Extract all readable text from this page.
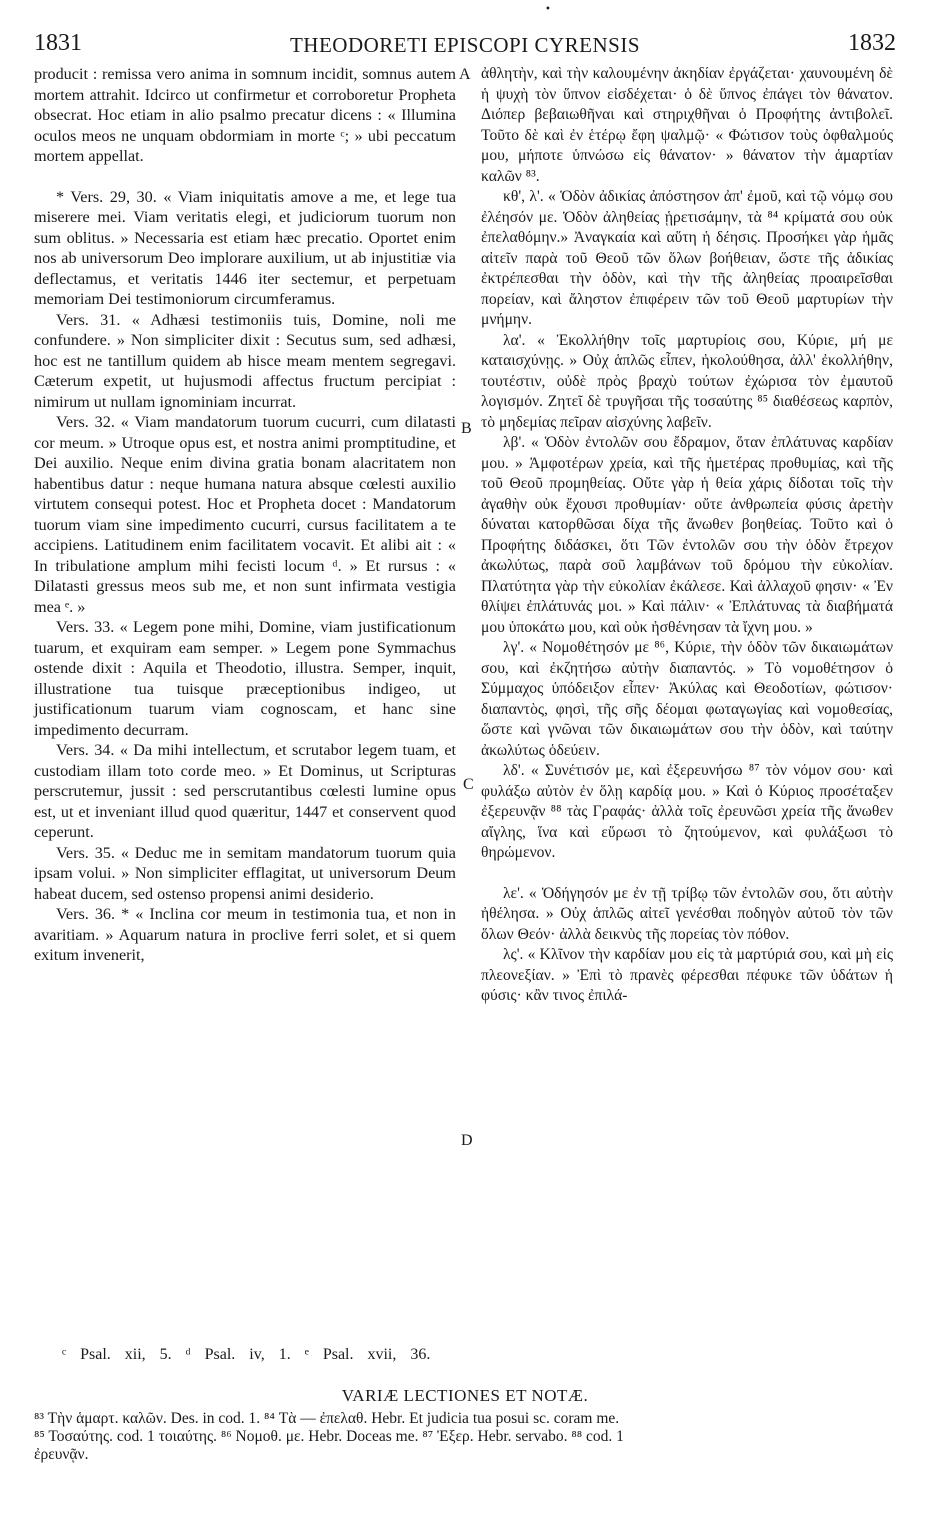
•
1831	THEODORETI EPISCOPI CYRENSIS	1832

producit : remissa vero anima in somnum incidit, somnus autem mortem attrahit. Idcirco ut confirmetur et corroboretur Propheta obsecrat. Hoc etiam in alio psalmo precatur dicens : « Illumina oculos meos ne unquam obdormiam in morte ᶜ; » ubi peccatum mortem appellat.

* Vers. 29, 30. « Viam iniquitatis amove a me, et lege tua miserere mei. Viam veritatis elegi, et judiciorum tuorum non sum oblitus. » Necessaria est etiam hæc precatio. Oportet enim nos ab universorum Deo implorare auxilium, ut ab injustitiæ via deflectamus, et veritatis 1446 iter sectemur, et perpetuam memoriam Dei testimoniorum circumferamus.

Vers. 31. « Adhæsi testimoniis tuis, Domine, noli me confundere. » Non simpliciter dixit : Secutus sum, sed adhæsi, hoc est ne tantillum quidem ab hisce meam mentem segregavi. Cæterum expetit, ut hujusmodi affectus fructum percipiat : nimirum ut nullam ignominiam incurrat.

Vers. 32. « Viam mandatorum tuorum cucurri, cum dilatasti cor meum. » Utroque opus est, et nostra animi promptitudine, et Dei auxilio. Neque enim divina gratia bonam alacritatem non habentibus datur : neque humana natura absque cœlesti auxilio virtutem consequi potest. Hoc et Propheta docet : Mandatorum tuorum viam sine impedimento cucurri, cursus facilitatem a te accipiens. Latitudinem enim facilitatem vocavit. Et alibi ait : « In tribulatione amplum mihi fecisti locum ᵈ. » Et rursus : « Dilatasti gressus meos sub me, et non sunt infirmata vestigia mea ᵉ. »

Vers. 33. « Legem pone mihi, Domine, viam justificationum tuarum, et exquiram eam semper. » Legem pone Symmachus ostende dixit : Aquila et Theodotio, illustra. Semper, inquit, illustratione tua tuisque præceptionibus indigeo, ut justificationum tuarum viam cognoscam, et hanc sine impedimento decurram.

Vers. 34. « Da mihi intellectum, et scrutabor legem tuam, et custodiam illam toto corde meo. » Et Dominus, ut Scripturas perscrutemur, jussit : sed perscrutantibus cœlesti lumine opus est, ut et inveniant illud quod quæritur, 1447 et conservent quod ceperunt.

Vers. 35. « Deduc me in semitam mandatorum tuorum quia ipsam volui. » Non simpliciter efflagitat, ut universorum Deum habeat ducem, sed ostenso propensi animi desiderio.

Vers. 36. * « Inclina cor meum in testimonia tua, et non in avaritiam. » Aquarum natura in proclive ferri solet, et si quem exitum invenerit,

ἀθλητὴν, καὶ τὴν καλουμένην ἀκηδίαν ἐργάζεται· χαυνουμένη δὲ ἡ ψυχὴ τὸν ὕπνον εἰσδέχεται· ὁ δὲ ὕπνος ἐπάγει τὸν θάνατον. Διόπερ βεβαιωθῆναι καὶ στηριχθῆναι ὁ Προφήτης ἀντιβολεῖ. Τοῦτο δὲ καὶ ἐν ἑτέρῳ ἔφη ψαλμῷ· « Φώτισον τοὺς ὀφθαλμούς μου, μήποτε ὑπνώσω εἰς θάνατον· » θάνατον τὴν ἁμαρτίαν καλῶν ⁸³.

κθ', λ'. « Ὁδὸν ἀδικίας ἀπόστησον ἀπ' ἐμοῦ, καὶ τῷ νόμῳ σου ἐλέησόν με. Ὁδὸν ἀληθείας ᾑρετισάμην, τὰ ⁸⁴ κρίματά σου οὐκ ἐπελαθόμην.» Ἀναγκαία καὶ αὕτη ἡ δέησις. Προσήκει γὰρ ἡμᾶς αἰτεῖν παρὰ τοῦ Θεοῦ τῶν ὅλων βοήθειαν, ὥστε τῆς ἀδικίας ἐκτρέπεσθαι τὴν ὁδὸν, καὶ τὴν τῆς ἀληθείας προαιρεῖσθαι πορείαν, καὶ ἄληστον ἐπιφέρειν τῶν τοῦ Θεοῦ μαρτυρίων τὴν μνήμην.

λα'. « Ἐκολλήθην τοῖς μαρτυρίοις σου, Κύριε, μή με καταισχύνῃς. » Οὐχ ἁπλῶς εἶπεν, ἠκολούθησα, ἀλλ' ἐκολλήθην, τουτέστιν, οὐδὲ πρὸς βραχὺ τούτων ἐχώρισα τὸν ἐμαυτοῦ λογισμόν. Ζητεῖ δὲ τρυγῆσαι τῆς τοσαύτης ⁸⁵ διαθέσεως καρπὸν, τὸ μηδεμίας πεῖραν αἰσχύνης λαβεῖν.

λβ'. « Ὁδὸν ἐντολῶν σου ἔδραμον, ὅταν ἐπλάτυνας καρδίαν μου. » Ἀμφοτέρων χρεία, καὶ τῆς ἡμετέρας προθυμίας, καὶ τῆς τοῦ Θεοῦ προμηθείας. Οὔτε γὰρ ἡ θεία χάρις δίδοται τοῖς τὴν ἀγαθὴν οὐκ ἔχουσι προθυμίαν· οὔτε ἀνθρωπεία φύσις ἀρετὴν δύναται κατορθῶσαι δίχα τῆς ἄνωθεν βοηθείας. Τοῦτο καὶ ὁ Προφήτης διδάσκει, ὅτι Τῶν ἐντολῶν σου τὴν ὁδὸν ἔτρεχον ἀκωλύτως, παρὰ σοῦ λαμβάνων τοῦ δρόμου τὴν εὐκολίαν. Πλατύτητα γὰρ τὴν εὐκολίαν ἐκάλεσε. Καὶ ἀλλαχοῦ φησιν· « Ἐν θλίψει ἐπλάτυνάς μοι. » Καὶ πάλιν· « Ἐπλάτυνας τὰ διαβήματά μου ὑποκάτω μου, καὶ οὐκ ἠσθένησαν τὰ ἴχνη μου. »

λγ'. « Νομοθέτησόν με ⁸⁶, Κύριε, τὴν ὁδὸν τῶν δικαιωμάτων σου, καὶ ἐκζητήσω αὐτὴν διαπαντός. » Τὸ νομοθέτησον ὁ Σύμμαχος ὑπόδειξον εἶπεν· Ἀκύλας καὶ Θεοδοτίων, φώτισον· διαπαντὸς, φησὶ, τῆς σῆς δέομαι φωταγωγίας καὶ νομοθεσίας, ὥστε καὶ γνῶναι τῶν δικαιωμάτων σου τὴν ὁδὸν, καὶ ταύτην ἀκωλύτως ὁδεύειν.

λδ'. « Συνέτισόν με, καὶ ἐξερευνήσω ⁸⁷ τὸν νόμον σου· καὶ φυλάξω αὐτὸν ἐν ὅλῃ καρδίᾳ μου. » Καὶ ὁ Κύριος προσέταξεν ἐξερευνᾷν ⁸⁸ τὰς Γραφάς· ἀλλὰ τοῖς ἐρευνῶσι χρεία τῆς ἄνωθεν αἴγλης, ἵνα καὶ εὕρωσι τὸ ζητούμενον, καὶ φυλάξωσι τὸ θηρώμενον.

λε'. « Ὁδήγησόν με ἐν τῇ τρίβῳ τῶν ἐντολῶν σου, ὅτι αὐτὴν ἠθέλησα. » Οὐχ ἁπλῶς αἰτεῖ γενέσθαι ποδηγὸν αὐτοῦ τὸν τῶν ὅλων Θεόν· ἀλλὰ δεικνὺς τῆς πορείας τὸν πόθον.

λς'. « Κλῖνον τὴν καρδίαν μου εἰς τὰ μαρτύριά σου, καὶ μὴ εἰς πλεονεξίαν. » Ἐπὶ τὸ πρανὲς φέρεσθαι πέφυκε τῶν ὑδάτων ἡ φύσις· κἂν τινος ἐπιλά-

A
B
C
D
ᶜ Psal. xii, 5. ᵈ Psal. iv, 1. ᵉ Psal. xvii, 36.
VARIÆ LECTIONES ET NOTÆ.

⁸³ Τὴν ἁμαρτ. καλῶν. Des. in cod. 1. ⁸⁴ Τὰ — ἐπελαθ. Hebr. Et judicia tua posui sc. coram me.

⁸⁵ Τοσαύτης. cod. 1 τοιαύτης. ⁸⁶ Νομοθ. με. Hebr. Doceas me. ⁸⁷ Ἐξερ. Hebr. servabo. ⁸⁸ cod. 1

ἐρευνᾷν.
